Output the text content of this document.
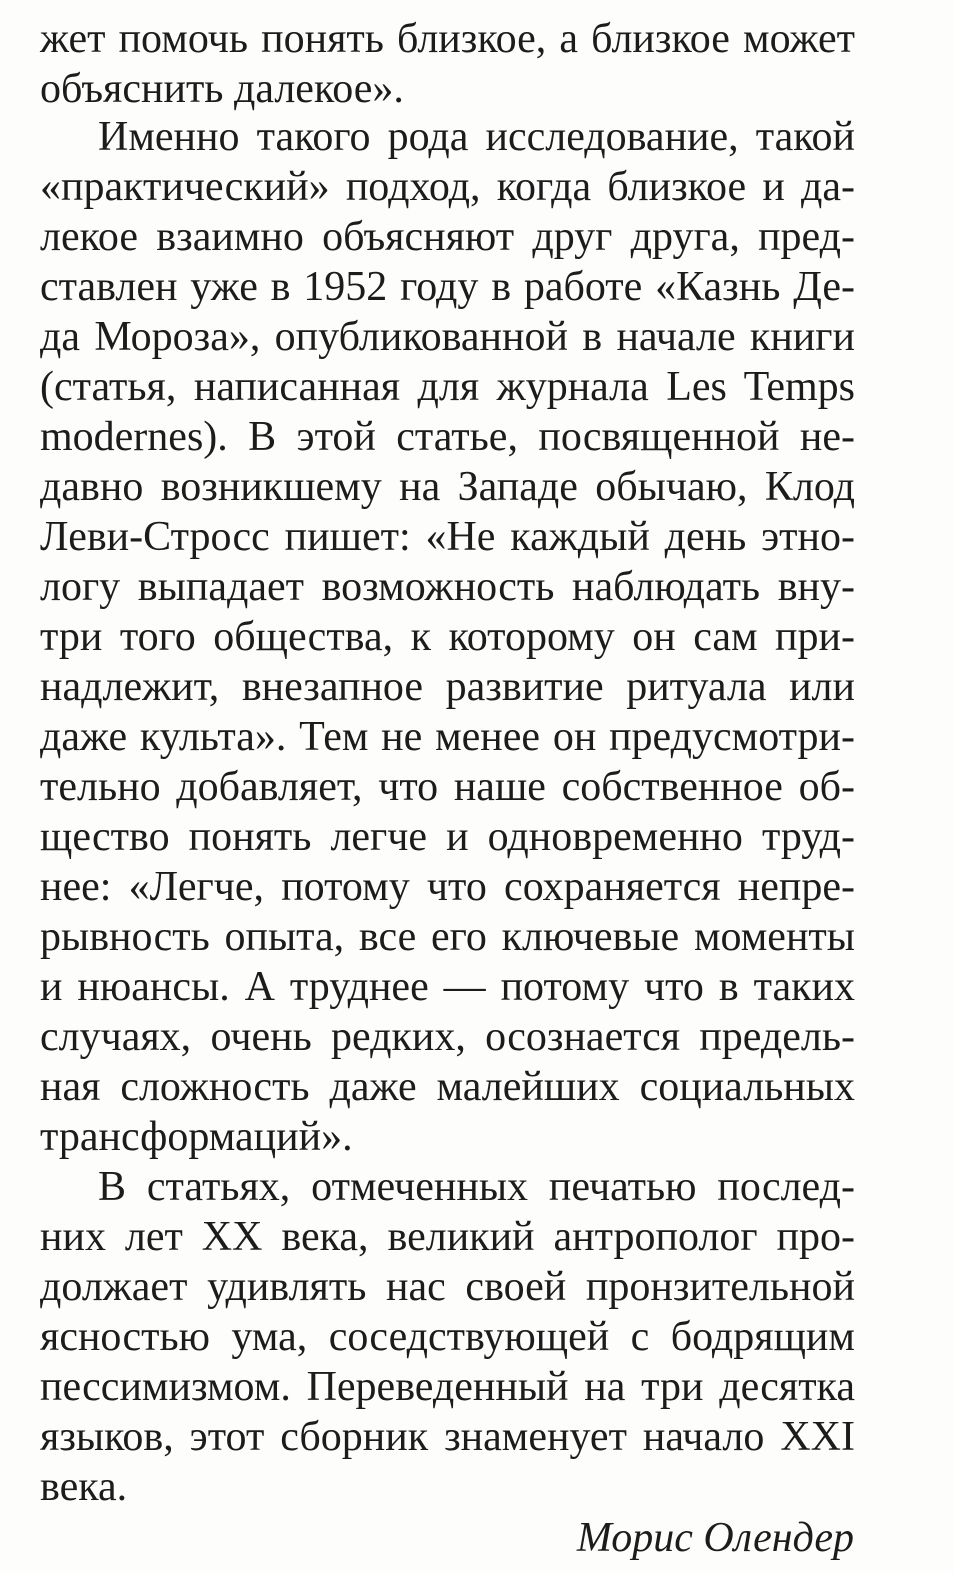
жет помочь понять близкое, а близкое может
объяснить далекое».
Именно такого рода исследование, такой
«практический» подход, когда близкое и да-
лекое взаимно объясняют друг друга, пред-
ставлен уже в 1952 году в работе «Казнь Де-
да Мороза», опубликованной в начале книги
(статья, написанная для журнала Les Temps
modernes). В этой статье, посвященной не-
давно возникшему на Западе обычаю, Клод
Леви-Стросс пишет: «Не каждый день этно-
логу выпадает возможность наблюдать вну-
три того общества, к которому он сам при-
надлежит, внезапное развитие ритуала или
даже культа». Тем не менее он предусмотри-
тельно добавляет, что наше собственное об-
щество понять легче и одновременно труд-
нее: «Легче, потому что сохраняется непре-
рывность опыта, все его ключевые моменты
и нюансы. А труднее — потому что в таких
случаях, очень редких, осознается предель-
ная сложность даже малейших социальных
трансформаций».
В статьях, отмеченных печатью послед-
них лет XX века, великий антрополог про-
должает удивлять нас своей пронзительной
ясностью ума, соседствующей с бодрящим
пессимизмом. Переведенный на три десятка
языков, этот сборник знаменует начало XXI
века.
Морис Олендер
